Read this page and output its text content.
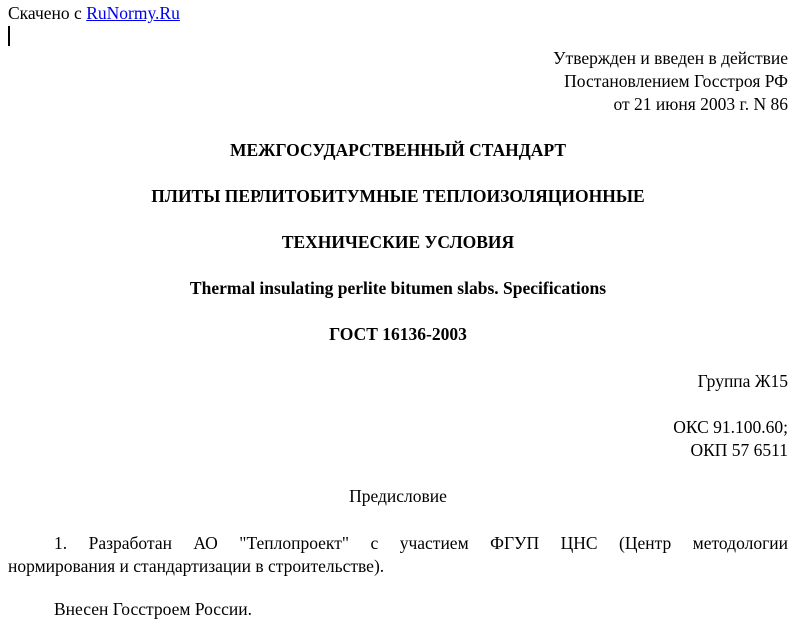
Скачено с RuNormy.Ru
Утвержден и введен в действие
Постановлением Госстроя РФ
от 21 июня 2003 г. N 86
МЕЖГОСУДАРСТВЕННЫЙ СТАНДАРТ
ПЛИТЫ ПЕРЛИТОБИТУМНЫЕ ТЕПЛОИЗОЛЯЦИОННЫЕ
ТЕХНИЧЕСКИЕ УСЛОВИЯ
Thermal insulating perlite bitumen slabs. Specifications
ГОСТ 16136-2003
Группа Ж15
ОКС 91.100.60;
ОКП 57 6511
Предисловие
1. Разработан АО "Теплопроект" с участием ФГУП ЦНС (Центр методологии
нормирования и стандартизации в строительстве).
Внесен Госстроем России.
